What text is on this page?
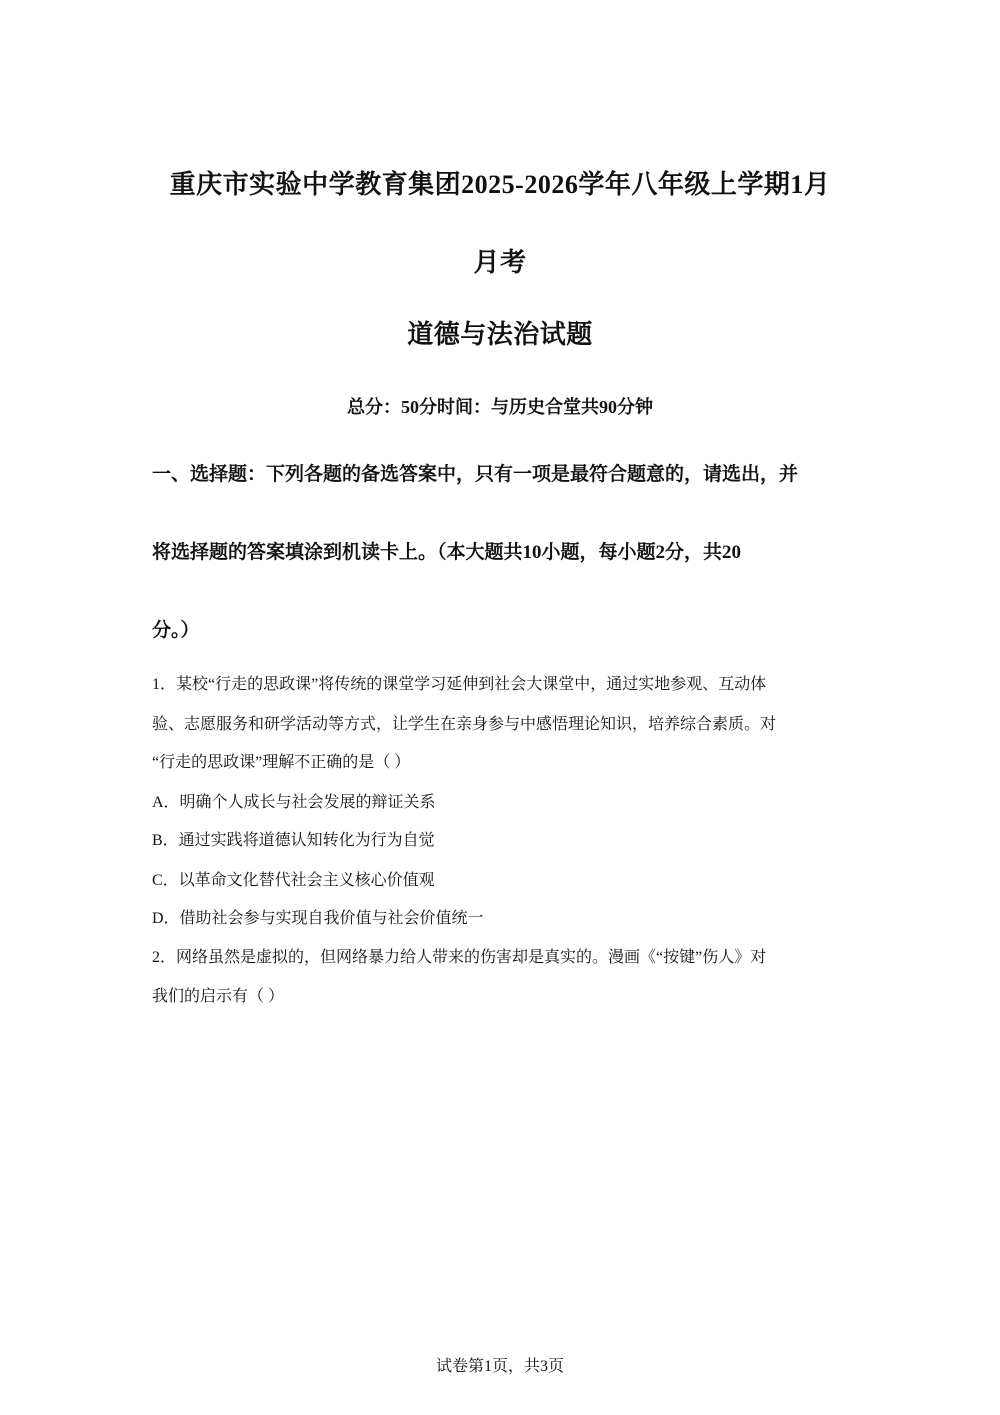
重庆市实验中学教育集团2025-2026学年八年级上学期1月
月考
道德与法治试题
总分：50分时间：与历史合堂共90分钟
一、选择题：下列各题的备选答案中，只有一项是最符合题意的，请选出，并
将选择题的答案填涂到机读卡上。（本大题共10小题，每小题2分，共20
分。）
1．某校“行走的思政课”将传统的课堂学习延伸到社会大课堂中，通过实地参观、互动体
验、志愿服务和研学活动等方式，让学生在亲身参与中感悟理论知识，培养综合素质。对
“行走的思政课”理解不正确的是（ ）
A．明确个人成长与社会发展的辩证关系
B．通过实践将道德认知转化为行为自觉
C．以革命文化替代社会主义核心价值观
D．借助社会参与实现自我价值与社会价值统一
2．网络虽然是虚拟的，但网络暴力给人带来的伤害却是真实的。漫画《“按键”伤人》对
我们的启示有（ ）
试卷第1页，共3页
